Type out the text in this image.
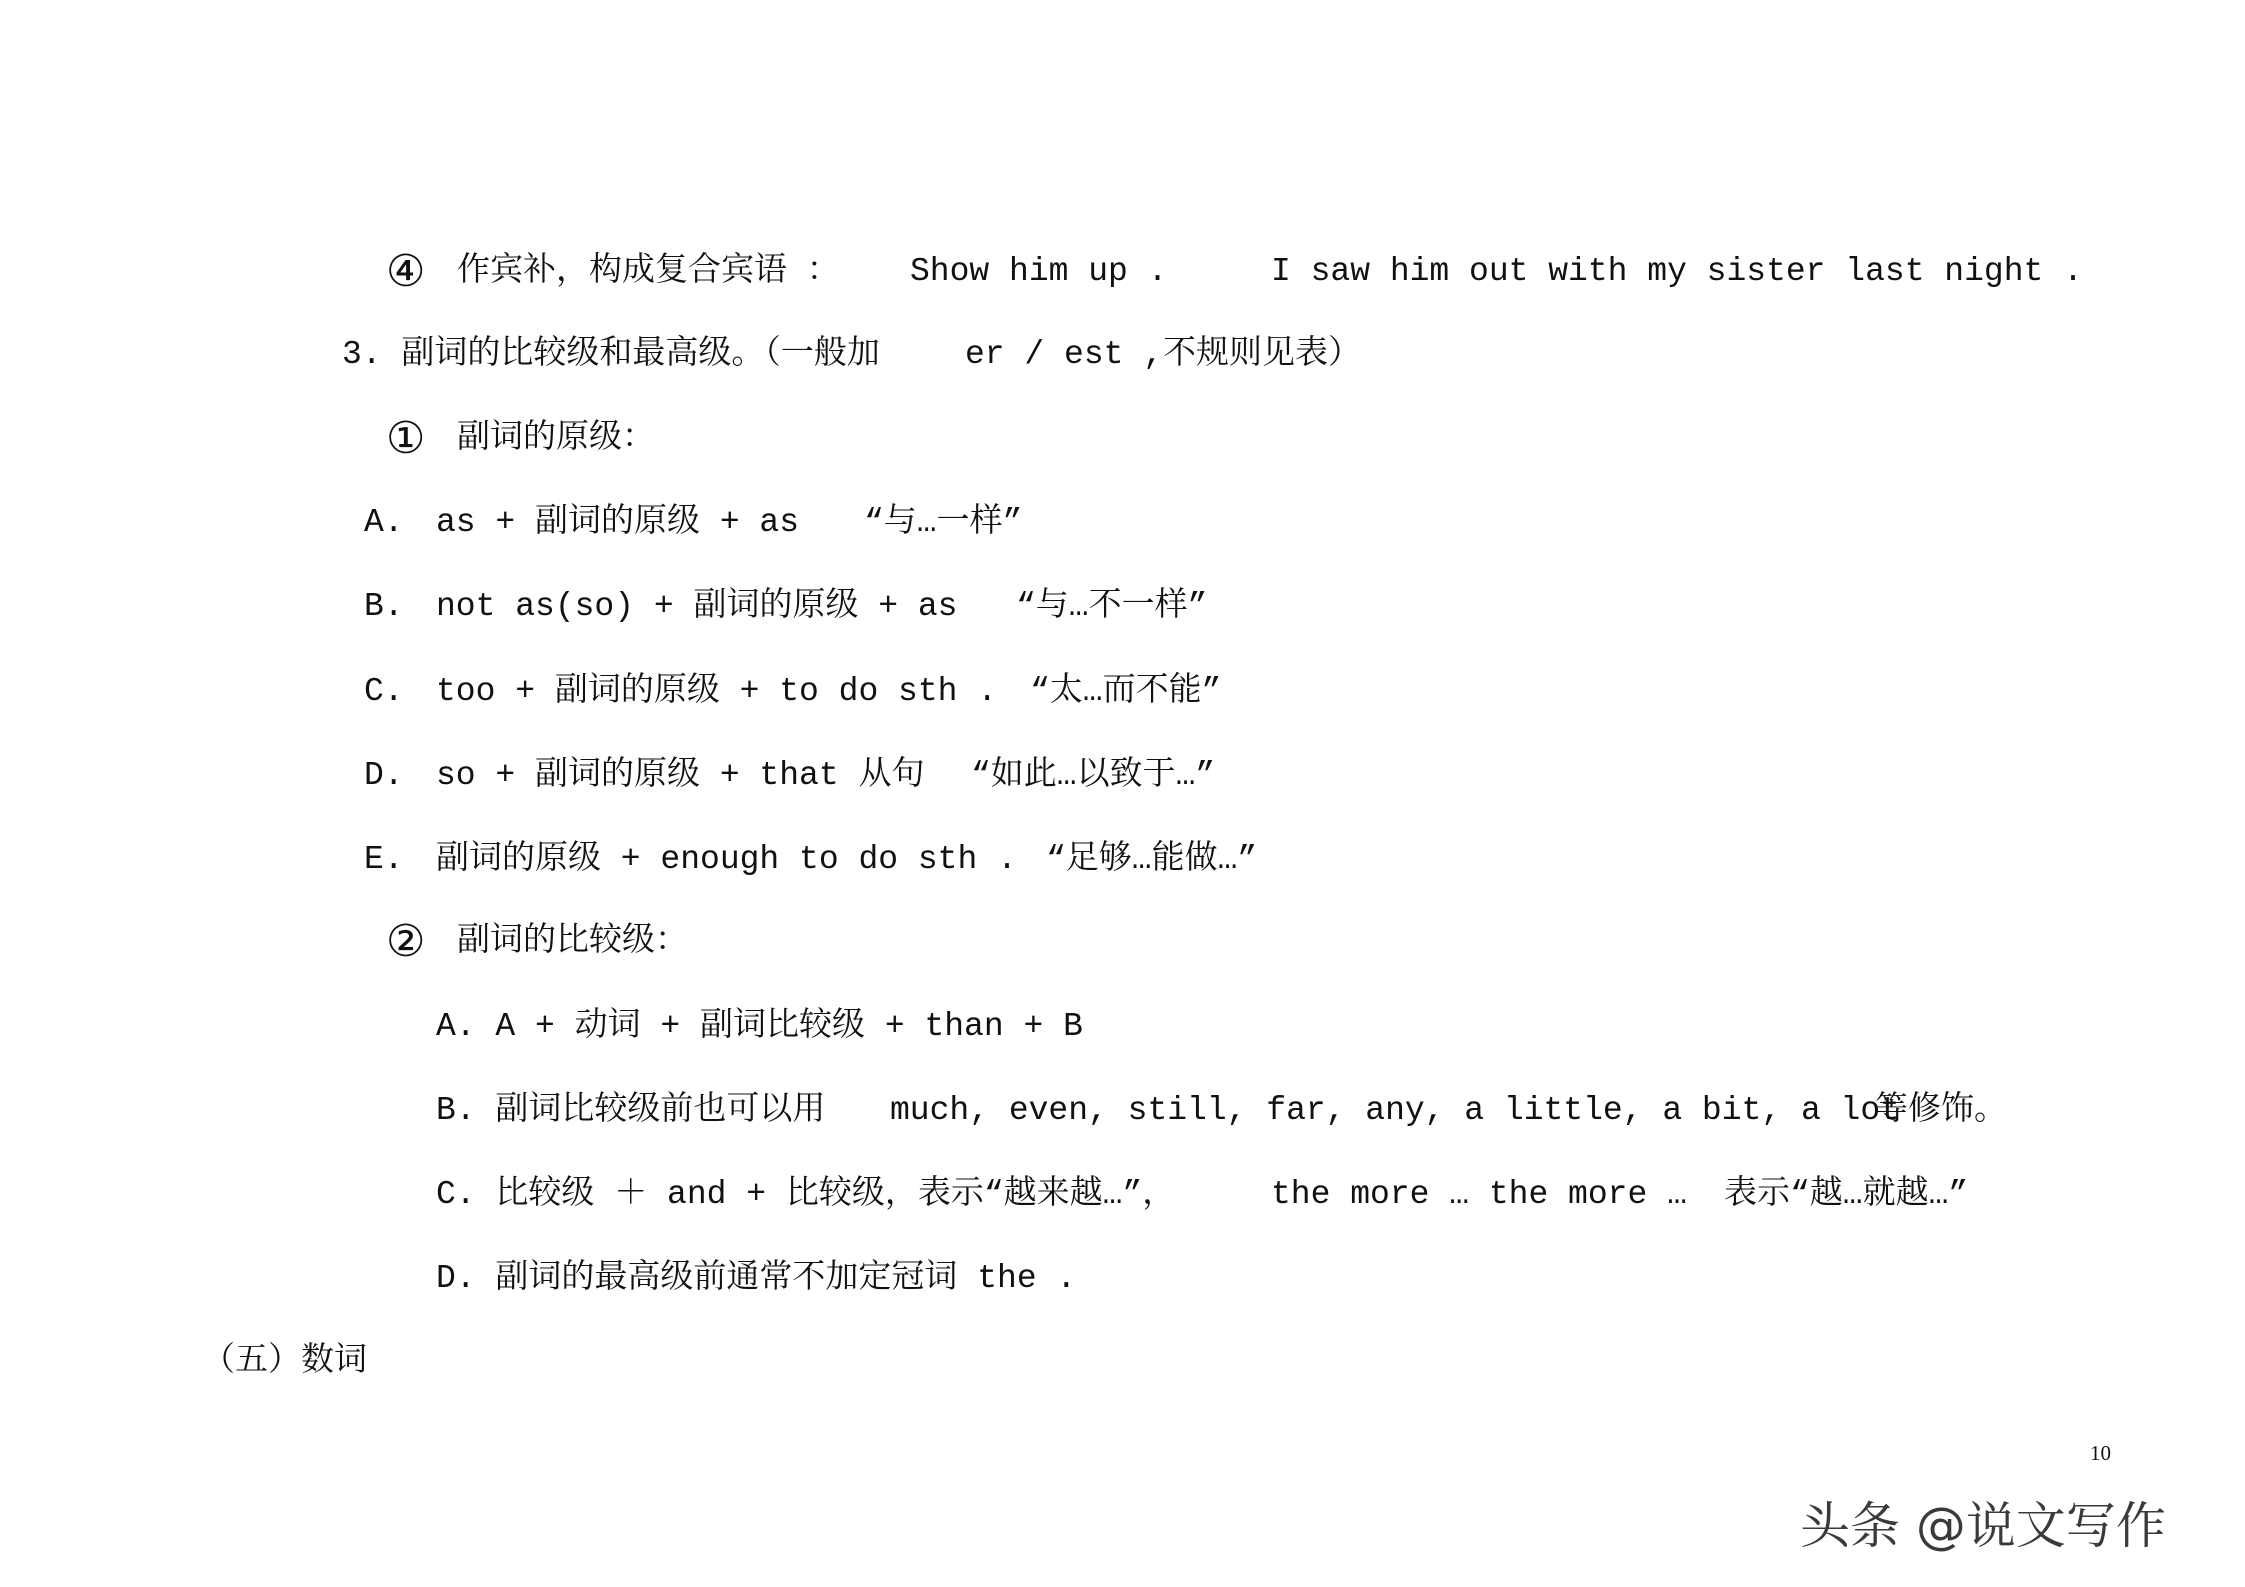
④ 作宾补，构成复合宾语 ： Show him up .	I saw him out with my sister last night .
3. 副词的比较级和最高级。（一般加	er / est ,不规则见表）
① 副词的原级：
A. as + 副词的原级 + as “与…一样”
B. not as(so) + 副词的原级 + as “与…不一样”
C. too + 副词的原级 + to do sth . “太…而不能”
D. so + 副词的原级 + that 从句 “如此…以致于…”
E. 副词的原级 + enough to do sth . “足够…能做…”
② 副词的比较级：
A. A + 动词 + 副词比较级 + than + B
B. 副词比较级前也可以用 much, even, still, far, any, a little, a bit, a lot
等修饰。
C. 比较级 ＋ and + 比较级，表示“越来越…”，	the more … the more … 表示“越…就越…”
D. 副词的最高级前通常不加定冠词 the .
（五）数词
10
头条 @说文写作
